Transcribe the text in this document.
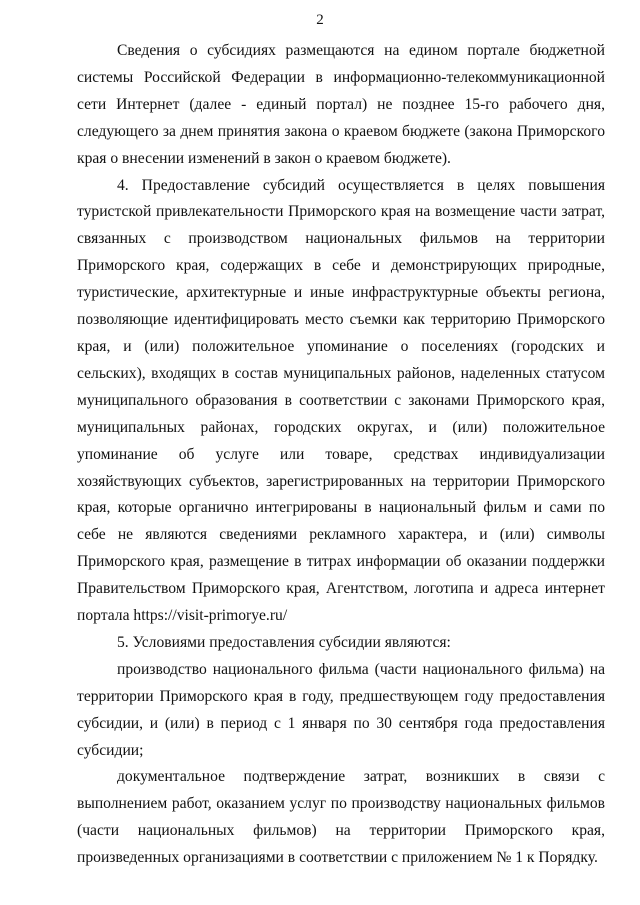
2

Сведения о субсидиях размещаются на едином портале бюджетной системы Российской Федерации в информационно-телекоммуникационной сети Интернет (далее - единый портал) не позднее 15-го рабочего дня, следующего за днем принятия закона о краевом бюджете (закона Приморского края о внесении изменений в закон о краевом бюджете).

4. Предоставление субсидий осуществляется в целях повышения туристской привлекательности Приморского края на возмещение части затрат, связанных с производством национальных фильмов на территории Приморского края, содержащих в себе и демонстрирующих природные, туристические, архитектурные и иные инфраструктурные объекты региона, позволяющие идентифицировать место съемки как территорию Приморского края, и (или) положительное упоминание о поселениях (городских и сельских), входящих в состав муниципальных районов, наделенных статусом муниципального образования в соответствии с законами Приморского края, муниципальных районах, городских округах, и (или) положительное упоминание об услуге или товаре, средствах индивидуализации хозяйствующих субъектов, зарегистрированных на территории Приморского края, которые органично интегрированы в национальный фильм и сами по себе не являются сведениями рекламного характера, и (или) символы Приморского края, размещение в титрах информации об оказании поддержки Правительством Приморского края, Агентством, логотипа и адреса интернет портала https://visit-primorye.ru/

5. Условиями предоставления субсидии являются:

производство национального фильма (части национального фильма) на территории Приморского края в году, предшествующем году предоставления субсидии, и (или) в период с 1 января по 30 сентября года предоставления субсидии;

документальное подтверждение затрат, возникших в связи с выполнением работ, оказанием услуг по производству национальных фильмов (части национальных фильмов) на территории Приморского края, произведенных организациями в соответствии с приложением № 1 к Порядку.
